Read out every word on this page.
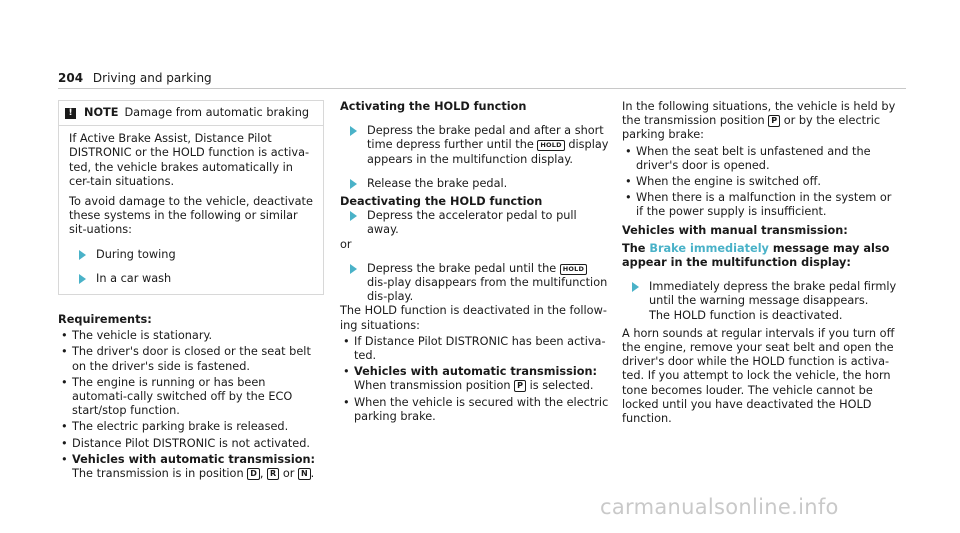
204 Driving and parking
!	NOTE Damage from automatic braking

If Active Brake Assist, Distance Pilot DISTRONIC or the HOLD function is activa-ted, the vehicle brakes automatically in cer-tain situations.

To avoid damage to the vehicle, deactivate these systems in the following or similar sit-uations:

During towing
In a car wash

Requirements:

• The vehicle is stationary.
• The driver's door is closed or the seat belt on the driver's side is fastened.
• The engine is running or has been automati-cally switched off by the ECO start/stop function.
• The electric parking brake is released.
• Distance Pilot DISTRONIC is not activated.
• Vehicles with automatic transmission:
The transmission is in position D , R or N .

Activating the HOLD function

Depress the brake pedal and after a short time depress further until the HOLD display appears in the multifunction display.
Release the brake pedal.

Deactivating the HOLD function

Depress the accelerator pedal to pull away.

or

Depress the brake pedal until the HOLD dis-play disappears from the multifunction dis-play.

The HOLD function is deactivated in the follow-ing situations:

• If Distance Pilot DISTRONIC has been activa-ted.
• Vehicles with automatic transmission:
When transmission position P is selected.
• When the vehicle is secured with the electric parking brake.

In the following situations, the vehicle is held by the transmission position P or by the electric parking brake:

• When the seat belt is unfastened and the driver's door is opened.
• When the engine is switched off.
• When there is a malfunction in the system or if the power supply is insufficient.

Vehicles with manual transmission:

The Brake immediately message may also appear in the multifunction display:

Immediately depress the brake pedal firmly until the warning message disappears.
The HOLD function is deactivated.

A horn sounds at regular intervals if you turn off the engine, remove your seat belt and open the driver's door while the HOLD function is activa-ted. If you attempt to lock the vehicle, the horn tone becomes louder. The vehicle cannot be locked until you have deactivated the HOLD function.

carmanualsonline.info
